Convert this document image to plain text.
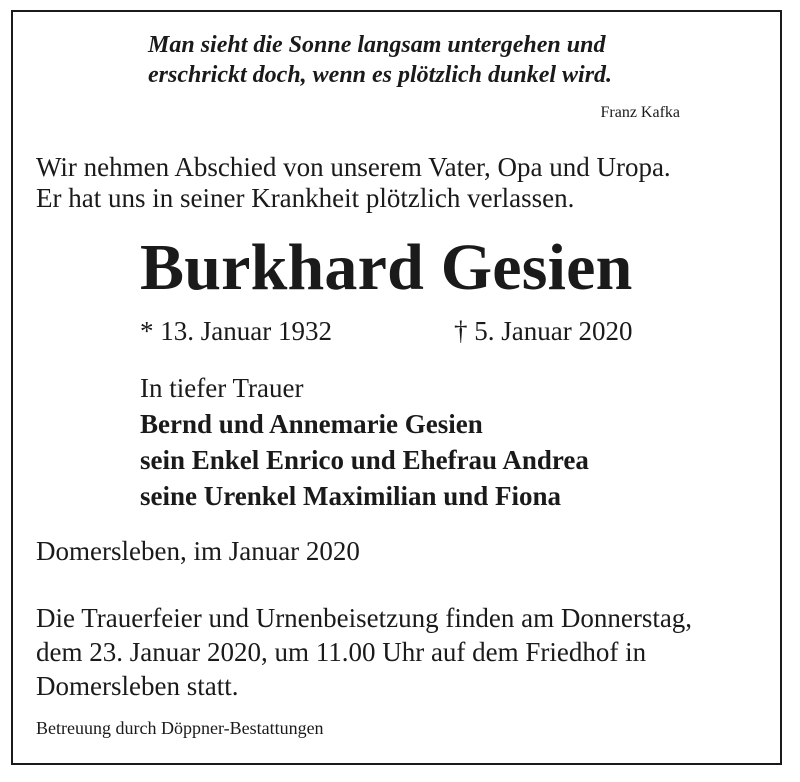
Man sieht die Sonne langsam untergehen und
erschrickt doch, wenn es plötzlich dunkel wird.
Franz Kafka
Wir nehmen Abschied von unserem Vater, Opa und Uropa.
Er hat uns in seiner Krankheit plötzlich verlassen.
Burkhard Gesien
* 13. Januar 1932	† 5. Januar 2020
In tiefer Trauer
Bernd und Annemarie Gesien
sein Enkel Enrico und Ehefrau Andrea
seine Urenkel Maximilian und Fiona
Domersleben, im Januar 2020
Die Trauerfeier und Urnenbeisetzung finden am Donnerstag,
dem 23. Januar 2020, um 11.00 Uhr auf dem Friedhof in
Domersleben statt.
Betreuung durch Döppner-Bestattungen
